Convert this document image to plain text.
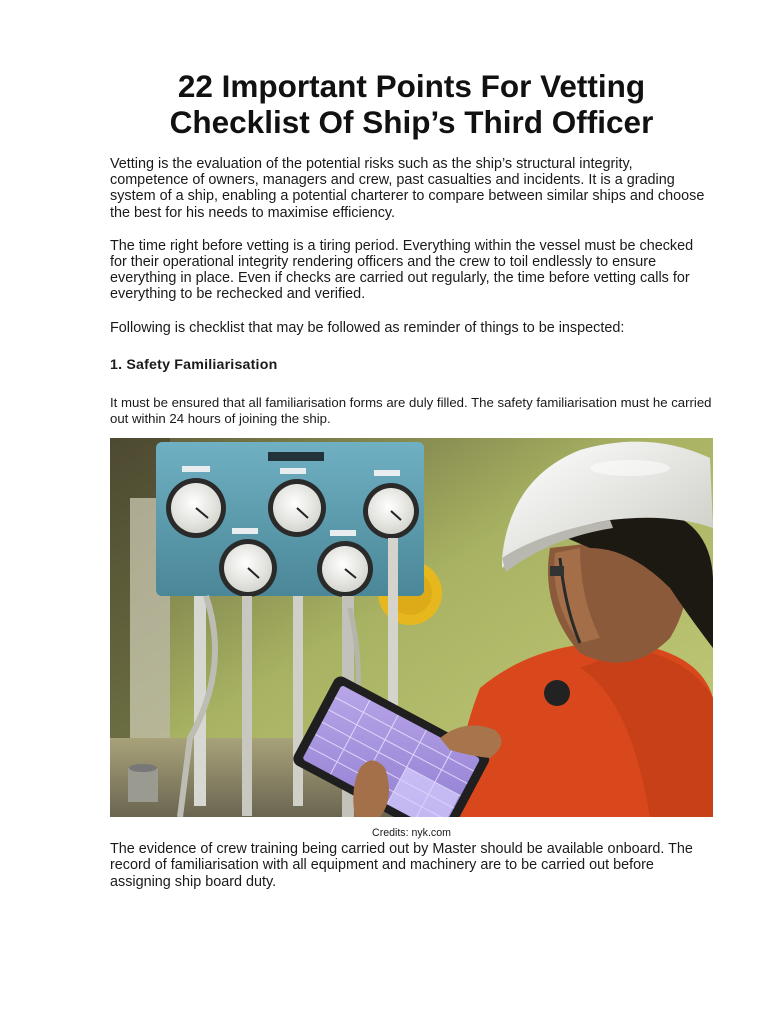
22 Important Points For Vetting
Checklist Of Ship’s Third Officer

Vetting is the evaluation of the potential risks such as the ship’s structural integrity, competence of owners, managers and crew, past casualties and incidents. It is a grading system of a ship, enabling a potential charterer to compare between similar ships and choose the best for his needs to maximise efficiency.

The time right before vetting is a tiring period. Everything within the vessel must be checked for their operational integrity rendering officers and the crew to toil endlessly to ensure everything in place. Even if checks are carried out regularly, the time before vetting calls for everything to be rechecked and verified.

Following is checklist that may be followed as reminder of things to be inspected:

1. Safety Familiarisation

It must be ensured that all familiarisation forms are duly filled. The safety familiarisation must he carried out within 24 hours of joining the ship.

Credits: nyk.com

The evidence of crew training being carried out by Master should be available onboard. The record of familiarisation with all equipment and machinery are to be carried out before assigning ship board duty.
